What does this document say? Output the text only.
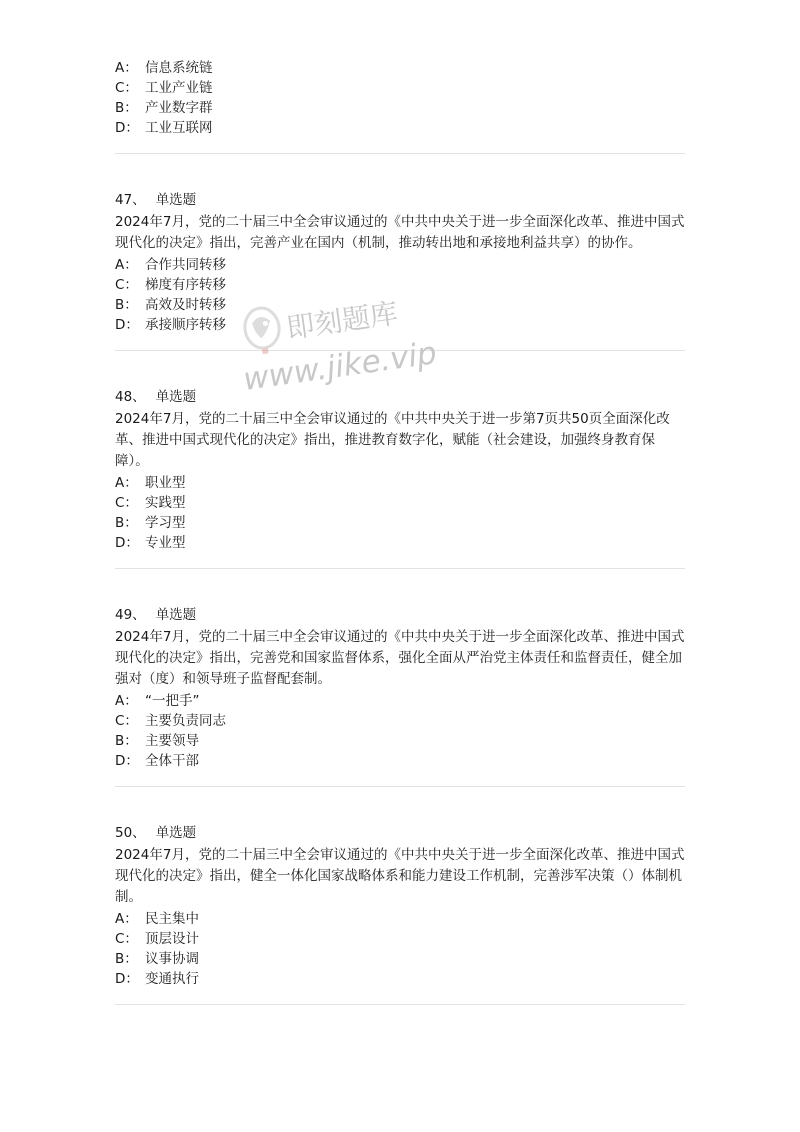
A： 信息系统链
C： 工业产业链
B： 产业数字群
D： 工业互联网
47、 单选题
2024年7月，党的二十届三中全会审议通过的《中共中央关于进一步全面深化改革、推进中国式现代化的决定》指出，完善产业在国内（机制，推动转出地和承接地利益共享）的协作。
A： 合作共同转移
C： 梯度有序转移
B： 高效及时转移
D： 承接顺序转移
48、 单选题
2024年7月，党的二十届三中全会审议通过的《中共中央关于进一步第7页共50页全面深化改革、推进中国式现代化的决定》指出，推进教育数字化，赋能（社会建设，加强终身教育保障）。
A： 职业型
C： 实践型
B： 学习型
D： 专业型
49、 单选题
2024年7月，党的二十届三中全会审议通过的《中共中央关于进一步全面深化改革、推进中国式现代化的决定》指出，完善党和国家监督体系，强化全面从严治党主体责任和监督责任，健全加强对（度）和领导班子监督配套制。
A： “一把手”
C： 主要负责同志
B： 主要领导
D： 全体干部
50、 单选题
2024年7月，党的二十届三中全会审议通过的《中共中央关于进一步全面深化改革、推进中国式现代化的决定》指出，健全一体化国家战略体系和能力建设工作机制，完善涉军决策（）体制机制。
A： 民主集中
C： 顶层设计
B： 议事协调
D： 变通执行
即刻题库
www.jike.vip
